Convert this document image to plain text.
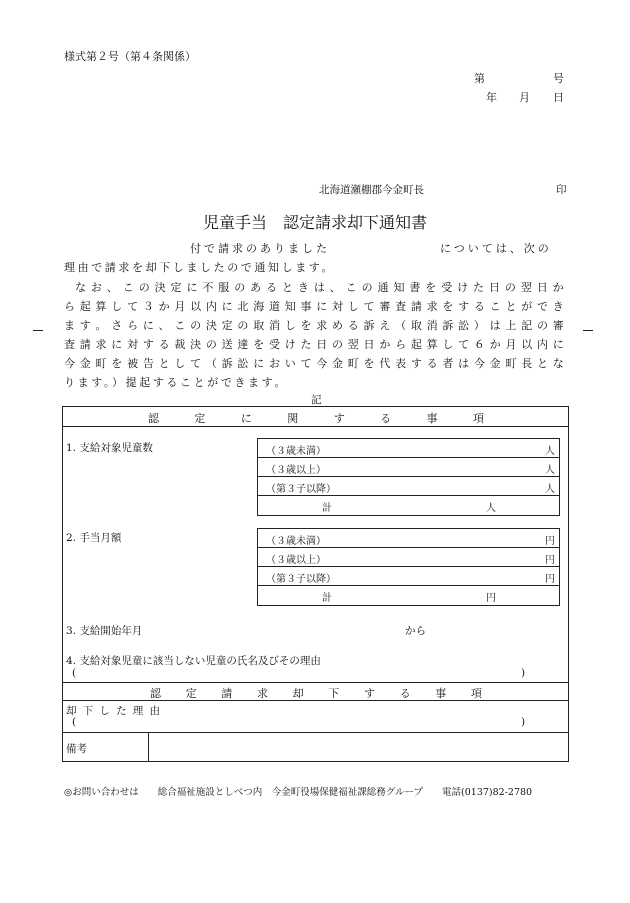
様式第２号（第４条関係）
第	号
年 月 日
北海道瀬棚郡今金町長	印
児童手当　認定請求却下通知書
付で請求のありました	については、次の
理由で請求を却下しましたので通知します。
な お 、 こ の 決 定 に 不 服 の あ る と き は 、 こ の 通 知 書 を 受 け た 日 の 翌 日 か
ら 起 算 し て ３ か 月 以 内 に 北 海 道 知 事 に 対 し て 審 査 請 求 を す る こ と が で き
ま す 。 さ ら に 、 こ の 決 定 の 取 消 し を 求 め る 訴 え （ 取 消 訴 訟 ） は 上 記 の 審
査 請 求 に 対 す る 裁 決 の 送 達 を 受 け た 日 の 翌 日 か ら 起 算 し て ６ か 月 以 内 に
今 金 町 を 被 告 と し て （ 訴 訟 に お い て 今 金 町 を 代 表 す る 者 は 今 金 町 長 と な
ります。）提起することができます。
記
認	定	に	関	す	る	事	項
1. 支給対象児童数	（３歳未満）	人
（３歳以上）	人
（第３子以降）	人
計	人
2. 手当月額	（３歳未満）	円
（３歳以上）	円
（第３子以降）	円
計	円
3. 支給開始年月	から
4. 支給対象児童に該当しない児童の氏名及びその理由
(	)
認 定 請 求 却 下 す る 事 項
却 下 し た 理 由
(	)
備考
◎お問い合わせは　　総合福祉施設としべつ内　今金町役場保健福祉課総務グループ　　電話(0137)82-2780
